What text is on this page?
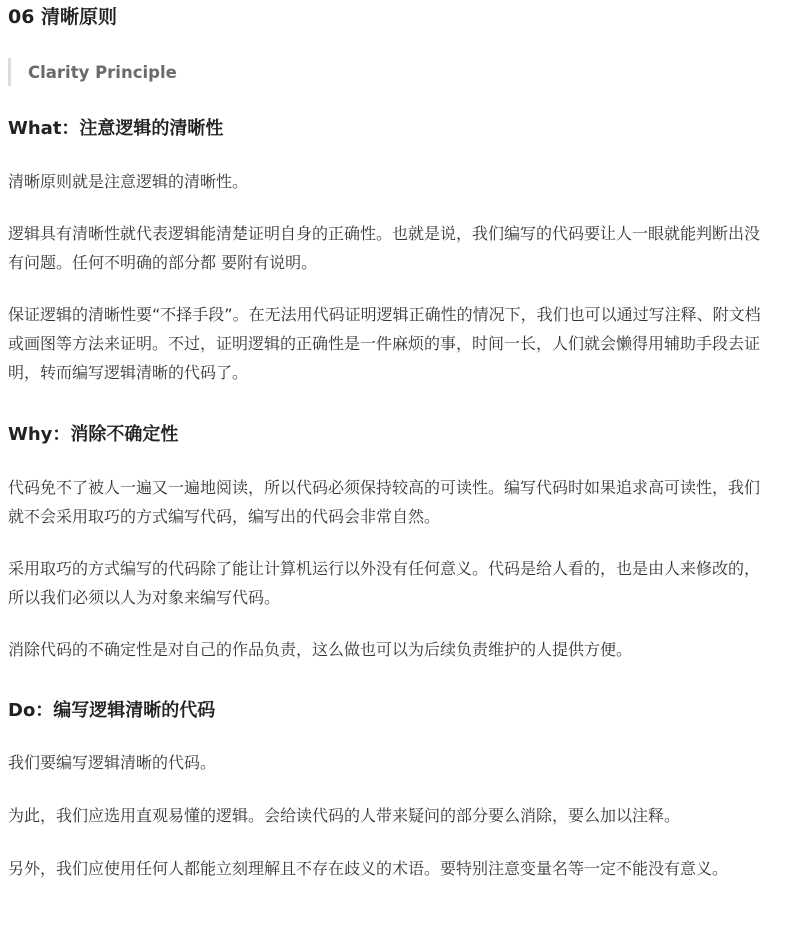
06 清晰原则
Clarity Principle
What：注意逻辑的清晰性

清晰原则就是注意逻辑的清晰性。

逻辑具有清晰性就代表逻辑能清楚证明自身的正确性。也就是说，我们编写的代码要让人一眼就能判断出没有问题。任何不明确的部分都 要附有说明。

保证逻辑的清晰性要“不择手段”。在无法用代码证明逻辑正确性的情况下，我们也可以通过写注释、附文档或画图等方法来证明。不过，证明逻辑的正确性是一件麻烦的事，时间一长，人们就会懒得用辅助手段去证明，转而编写逻辑清晰的代码了。

Why：消除不确定性

代码免不了被人一遍又一遍地阅读，所以代码必须保持较高的可读性。编写代码时如果追求高可读性，我们就不会采用取巧的方式编写代码，编写出的代码会非常自然。

采用取巧的方式编写的代码除了能让计算机运行以外没有任何意义。代码是给人看的，也是由人来修改的，所以我们必须以人为对象来编写代码。

消除代码的不确定性是对自己的作品负责，这么做也可以为后续负责维护的人提供方便。

Do：编写逻辑清晰的代码

我们要编写逻辑清晰的代码。

为此，我们应选用直观易懂的逻辑。会给读代码的人带来疑问的部分要么消除，要么加以注释。

另外，我们应使用任何人都能立刻理解且不存在歧义的术语。要特别注意变量名等一定不能没有意义。
